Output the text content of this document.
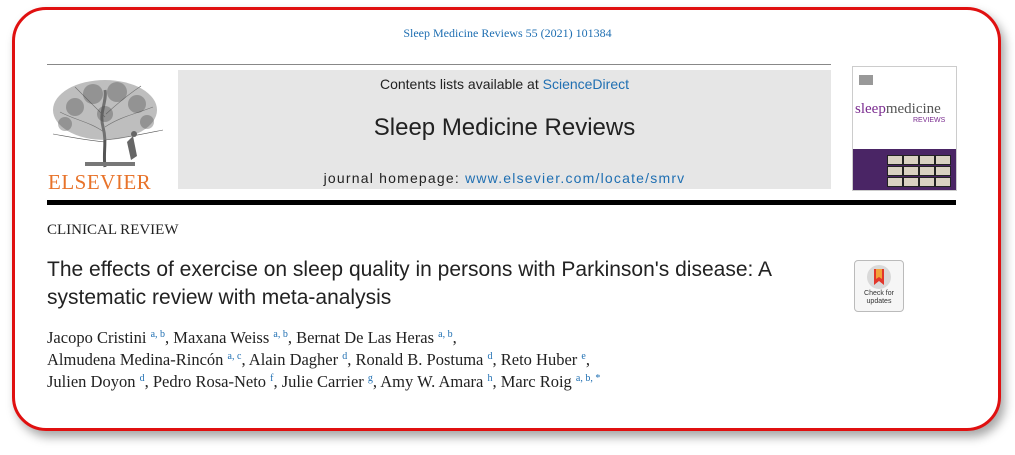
Sleep Medicine Reviews 55 (2021) 101384
ELSEVIER
Contents lists available at ScienceDirect
Sleep Medicine Reviews
journal homepage: www.elsevier.com/locate/smrv
sleepmedicine
REVIEWS
CLINICAL REVIEW
The effects of exercise on sleep quality in persons with Parkinson's disease: A systematic review with meta-analysis	Check for updates
Jacopo Cristini $^{a, b}$, Maxana Weiss $^{a, b}$, Bernat De Las Heras $^{a, b}$,
Almudena Medina-Rincón $^{a, c}$, Alain Dagher $^d$, Ronald B. Postuma $^d$, Reto Huber $^e$,
Julien Doyon $^d$, Pedro Rosa-Neto $^f$, Julie Carrier $^g$, Amy W. Amara $^h$, Marc Roig $^{a, b, *}$
